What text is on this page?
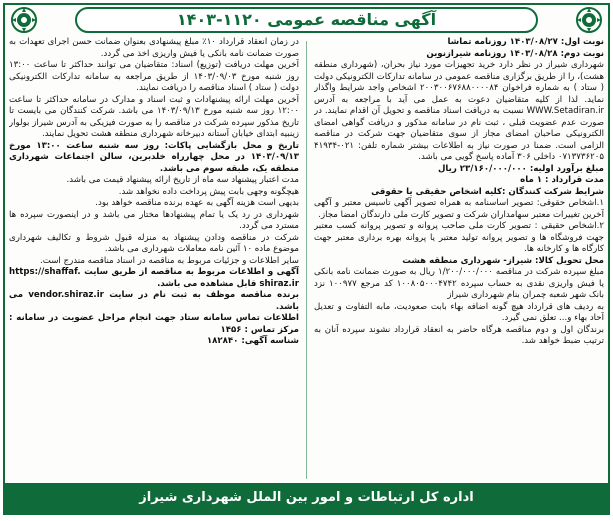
آگهی مناقصه عمومی ۱۱۲۰-۱۴۰۳

نوبت اول: ۱۴۰۳/۰۸/۲۷ روزنامه تماشا

نوبت دوم: ۱۴۰۳/۰۸/۲۸ روزنامه شیرازنوین

شهرداری شیراز در نظر دارد خرید تجهیزات مورد نیاز بحران، (شهرداری منطقه هشت)، را از طریق برگزاری مناقصه عمومی در سامانه تدارکات الکترونیکی دولت ( ستاد ) به شماره فراخوان ۲۰۰۳۰۰۶۷۶۸۸۰۰۰۰۸۴ اشخاص واجد شرایط واگذار نماید. لذا از کلیه متقاضیان دعوت به عمل می آید با مراجعه به آدرس WWW.Setadiran.ir نسبت به دریافت اسناد مناقصه و تحویل آن اقدام نمایند. در صورت عدم عضویت قبلی ، ثبت نام در سامانه مذکور و دریافت گواهی امضای الکترونیکی صاحبان امضای مجاز از سوی متقاضیان جهت شرکت در مناقصه الزامی است. ضمنا در صورت نیاز به اطلاعات بیشتر شماره تلفن: ۰۲۱-۴۱۹۳۴ ۰۷۱۳۷۳۶۲۰۵ داخلی ۳۰۶ آماده پاسخ گویی می باشد.

مبلغ برآورد اولیه: ۲۳/۱۶۰/۰۰۰/۰۰۰ ریال

مدت قرارداد : ۱ ماه

شرایط شرکت کنندگان :کلیه اشخاص حقیقی یا حقوقی

۱.اشخاص حقوقی: تصویر اساسنامه به همراه تصویر آگهی تاسیس معتبر و آگهی آخرین تغییرات معتبر سهامداران شرکت و تصویر کارت ملی دارندگان امضا مجاز.

۲.اشخاص حقیقی : تصویر کارت ملی صاحب پروانه و تصویر پروانه کسب معتبر جهت فروشگاه ها و تصویر پروانه تولید معتبر یا پروانه بهره برداری معتبر جهت کارگاه ها و کارخانه ها.

محل تحویل کالا: شیراز- شهرداری منطقه هشت

مبلغ سپرده شرکت در مناقصه ۱/۲۰۰/۰۰۰/۰۰۰ ریال به صورت ضمانت نامه بانکی یا فیش واریزی نقدی به حساب سپرده ۱۰۰۸۰۵۰۰۰۴۷۴۲ کد مرجع ۱۰۰۹۷۷ نزد بانک شهر شعبه چمران بنام شهرداری شیراز

به ردیف های قرارداد هیچ گونه اضافه بهاء بابت صعودیت، مابه التفاوت و تعدیل آحاد بهاء و... تعلق نمی گیرد.

برندگان اول و دوم مناقصه هرگاه حاضر به انعقاد قرارداد نشوند سپرده آنان به ترتیب ضبط خواهد شد.

در زمان انعقاد قرارداد ۱۰٪ مبلغ پیشنهادی بعنوان ضمانت حسن اجرای تعهدات به صورت ضمانت نامه بانکی یا فیش واریزی اخذ می گردد.

آخرین مهلت دریافت (توزیع) اسناد: متقاضیان می توانند حداکثر تا ساعت ۱۳:۰۰ روز شنبه مورخ ۱۴۰۳/۰۹/۰۳ از طریق مراجعه به سامانه تدارکات الکترونیکی دولت ( ستاد ) اسناد مناقصه را دریافت نمایند.

آخرین مهلت ارائه پیشنهادات و ثبت اسناد و مدارک در سامانه حداکثر تا ساعت ۱۲:۰۰ روز سه شنبه مورخ ۱۴۰۳/۰۹/۱۳ می باشد. شرکت کنندگان می بایست تا تاریخ مذکور سپرده شرکت در مناقصه را به صورت فیزیکی به آدرس شیراز بولوار زینبیه ابتدای خیابان آستانه دبیرخانه شهرداری منطقه هشت تحویل نمایند.

تاریخ و محل بازگشایی پاکات: روز سه شنبه ساعت ۱۳:۰۰ مورخ ۱۴۰۳/۰۹/۱۳ در محل چهارراه خلدبرین، سالن اجتماعات شهرداری منطقه یک، طبقه سوم می باشد.

مدت اعتبار پیشنهاد سه ماه از تاریخ ارائه پیشنهاد قیمت می باشد.

هیچگونه وجهی بابت پیش پرداخت داده نخواهد شد.

بدیهی است هزینه آگهی به عهده برنده مناقصه خواهد بود.

شهرداری در رد یک یا تمام پیشنهادها مختار می باشد و در اینصورت سپرده ها مسترد می گردد.

شرکت در مناقصه ودادن پیشنهاد به منزله قبول شروط و تکالیف شهرداری موضوع ماده ۱۰ آئین نامه معاملات شهرداری می باشد.

سایر اطلاعات و جزئیات مربوط به مناقصه در اسناد مناقصه مندرج است.

آگهی و اطلاعات مربوط به مناقصه از طریق سایت https://shaffaf. shiraz.ir قابل مشاهده می باشد.

برنده مناقصه موظف به ثبت نام در سایت vendor.shiraz.ir می باشد.

اطلاعات تماس سامانه ستاد جهت انجام مراحل عضویت در سامانه : مرکز تماس : ۱۴۵۶

شناسه آگهی: ۱۸۲۸۴۰

اداره کل ارتباطات و امور بین الملل شهرداری شیراز
